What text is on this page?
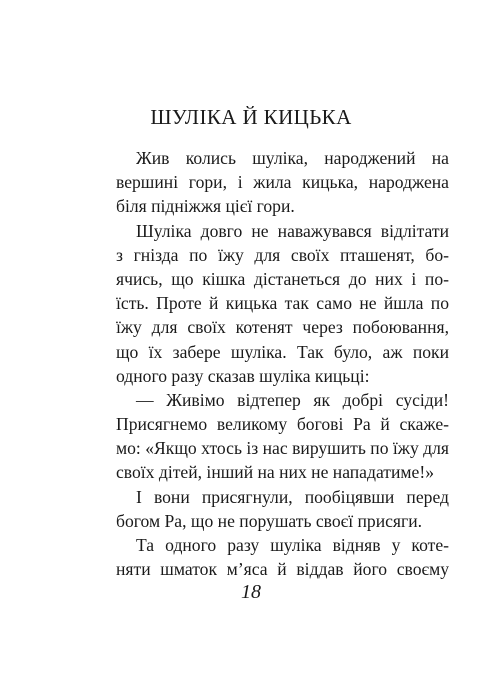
ШУЛІКА Й КИЦЬКА
Жив колись шуліка, народжений на
вершині гори, і жила кицька, народжена
біля підніжжя цієї гори.
Шуліка довго не наважувався відлітати
з гнізда по їжу для своїх пташенят, бо-
ячись, що кішка дістанеться до них і по-
їсть. Проте й кицька так само не йшла по
їжу для своїх котенят через побоювання,
що їх забере шуліка. Так було, аж поки
одного разу сказав шуліка кицьці:
— Живімо відтепер як добрі сусіди!
Присягнемо великому богові Ра й скаже-
мо: «Якщо хтось із нас вирушить по їжу для
своїх дітей, інший на них не нападатиме!»
І вони присягнули, пообіцявши перед
богом Ра, що не порушать своєї присяги.
Та одного разу шуліка відняв у коте-
няти шматок м’яса й віддав його своєму
18
